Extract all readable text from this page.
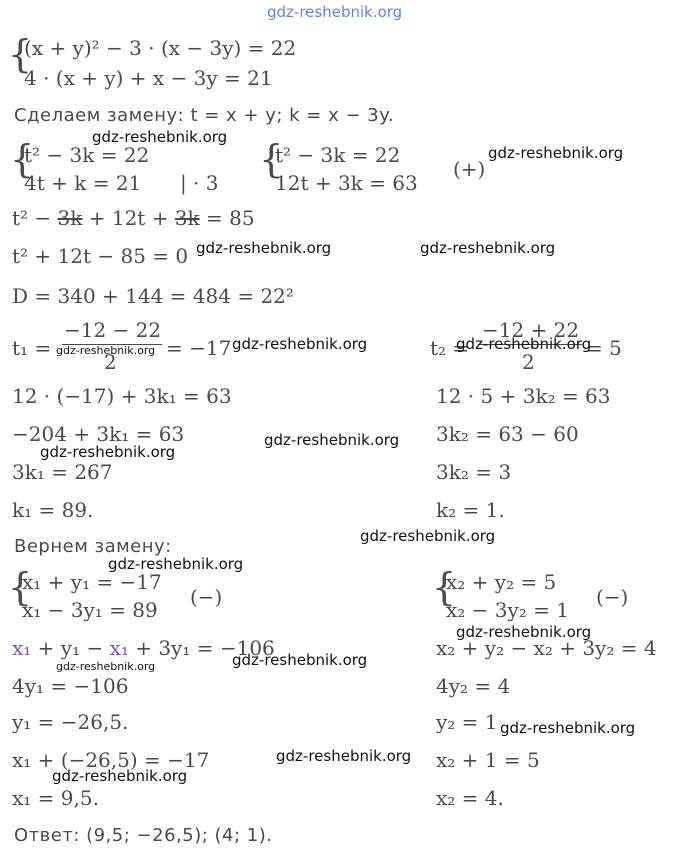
gdz-reshebnik.org
{
(x + y)² − 3 · (x − 3y) = 22
4 · (x + y) + x − 3y = 21
Сделаем замену: t = x + y; k = x − 3y.
gdz-reshebnik.org
{
t² − 3k = 22
4t + k = 21 | · 3
{
t² − 3k = 22
12t + 3k = 63
(+)
gdz-reshebnik.org
t² − 3k + 12t + 3k = 85
t² + 12t − 85 = 0 gdz-reshebnik.org	gdz-reshebnik.org
D = 340 + 144 = 484 = 22²
t₁ =
−12 − 22
2
= −17
gdz-reshebnik.org	gdz-reshebnik.org	t₂ =
−12 + 22
2
= 5
gdz-reshebnik.org
12 · (−17) + 3k₁ = 63
−204 + 3k₁ = 63
3k₁ = 267
k₁ = 89.
gdz-reshebnik.org
gdz-reshebnik.org
12 · 5 + 3k₂ = 63
3k₂ = 63 − 60
3k₂ = 3
k₂ = 1.
Вернем замену:	gdz-reshebnik.org
gdz-reshebnik.org
{
x₁ + y₁ = −17
x₁ − 3y₁ = 89
(−)	{
x₂ + y₂ = 5
x₂ − 3y₂ = 1
(−)
gdz-reshebnik.org
x₁ + y₁ − x₁ + 3y₁ = −106	x₂ + y₂ − x₂ + 3y₂ = 4
gdz-reshebnik.org	gdz-reshebnik.org
4y₁ = −106
y₁ = −26,5.
4y₂ = 4
y₂ = 1 gdz-reshebnik.org
x₁ + (−26,5) = −17
x₁ = 9,5.
x₂ + 1 = 5
x₂ = 4.
gdz-reshebnik.org
gdz-reshebnik.org
Ответ: (9,5; −26,5); (4; 1).
